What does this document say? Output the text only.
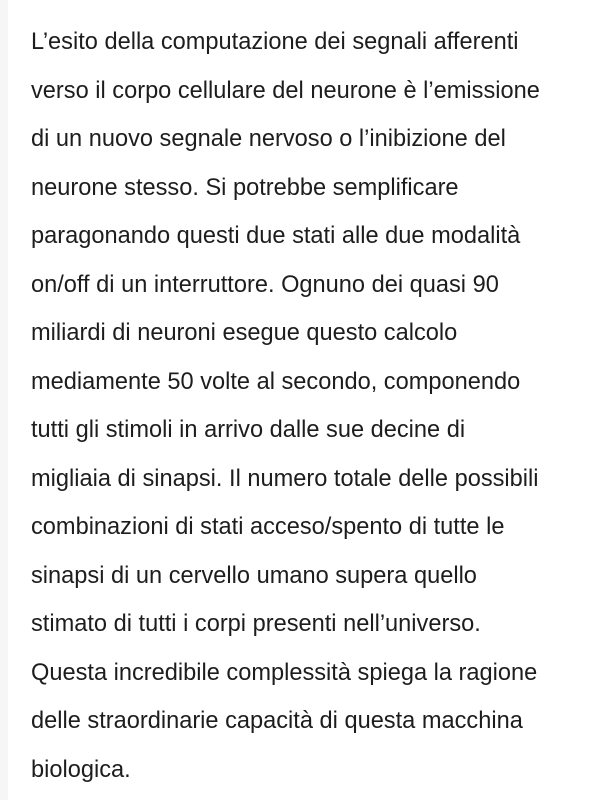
L’esito della computazione dei segnali afferenti
verso il corpo cellulare del neurone è l’emissione
di un nuovo segnale nervoso o l’inibizione del
neurone stesso. Si potrebbe semplificare
paragonando questi due stati alle due modalità
on/off di un interruttore. Ognuno dei quasi 90
miliardi di neuroni esegue questo calcolo
mediamente 50 volte al secondo, componendo
tutti gli stimoli in arrivo dalle sue decine di
migliaia di sinapsi. Il numero totale delle possibili
combinazioni di stati acceso/spento di tutte le
sinapsi di un cervello umano supera quello
stimato di tutti i corpi presenti nell’universo.
Questa incredibile complessità spiega la ragione
delle straordinarie capacità di questa macchina
biologica.
